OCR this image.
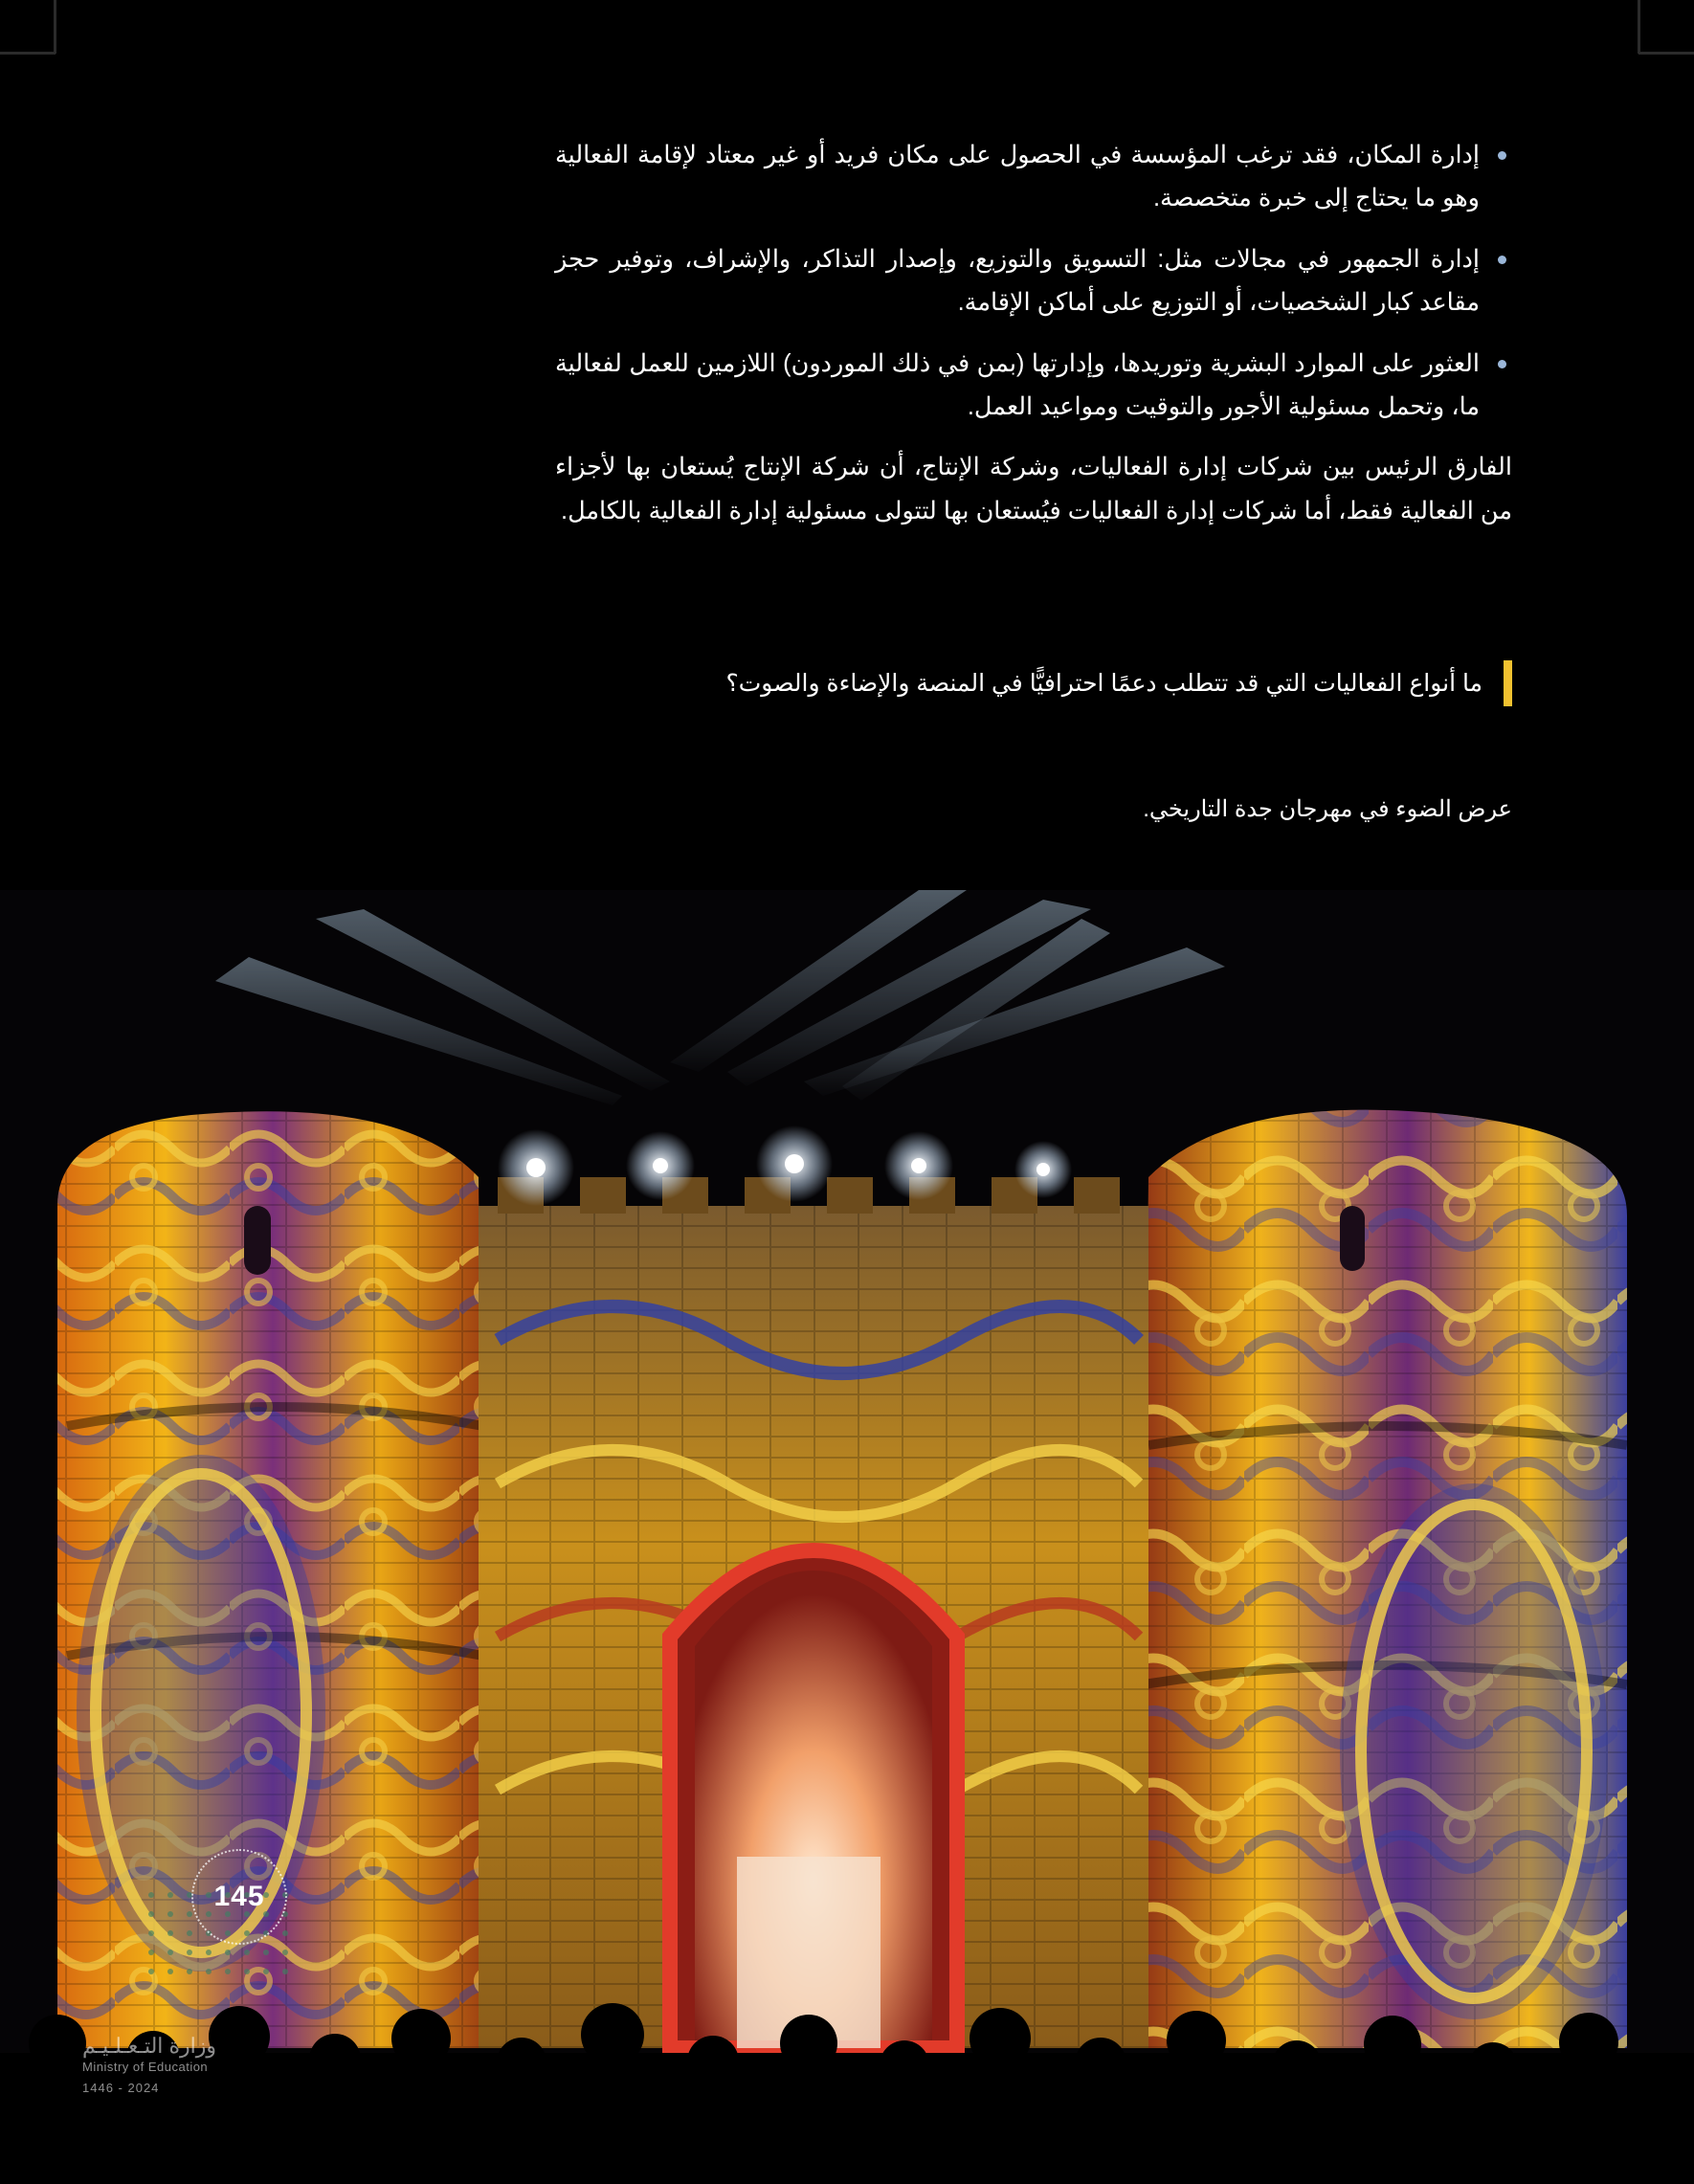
إدارة المكان، فقد ترغب المؤسسة في الحصول على مكان فريد أو غير معتاد لإقامة الفعالية وهو ما يحتاج إلى خبرة متخصصة.
إدارة الجمهور في مجالات مثل: التسويق والتوزيع، وإصدار التذاكر، والإشراف، وتوفير حجز مقاعد كبار الشخصيات، أو التوزيع على أماكن الإقامة.
العثور على الموارد البشرية وتوريدها، وإدارتها (بمن في ذلك الموردون) اللازمين للعمل لفعالية ما، وتحمل مسئولية الأجور والتوقيت ومواعيد العمل.

الفارق الرئيس بين شركات إدارة الفعاليات، وشركة الإنتاج، أن شركة الإنتاج يُستعان بها لأجزاء من الفعالية فقط، أما شركات إدارة الفعاليات فيُستعان بها لتتولى مسئولية إدارة الفعالية بالكامل.

ما أنواع الفعاليات التي قد تتطلب دعمًا احترافيًّا في المنصة والإضاءة والصوت؟
عرض الضوء في مهرجان جدة التاريخي.
145
وزارة التـعـلـيـم
Ministry of Education
2024 - 1446
